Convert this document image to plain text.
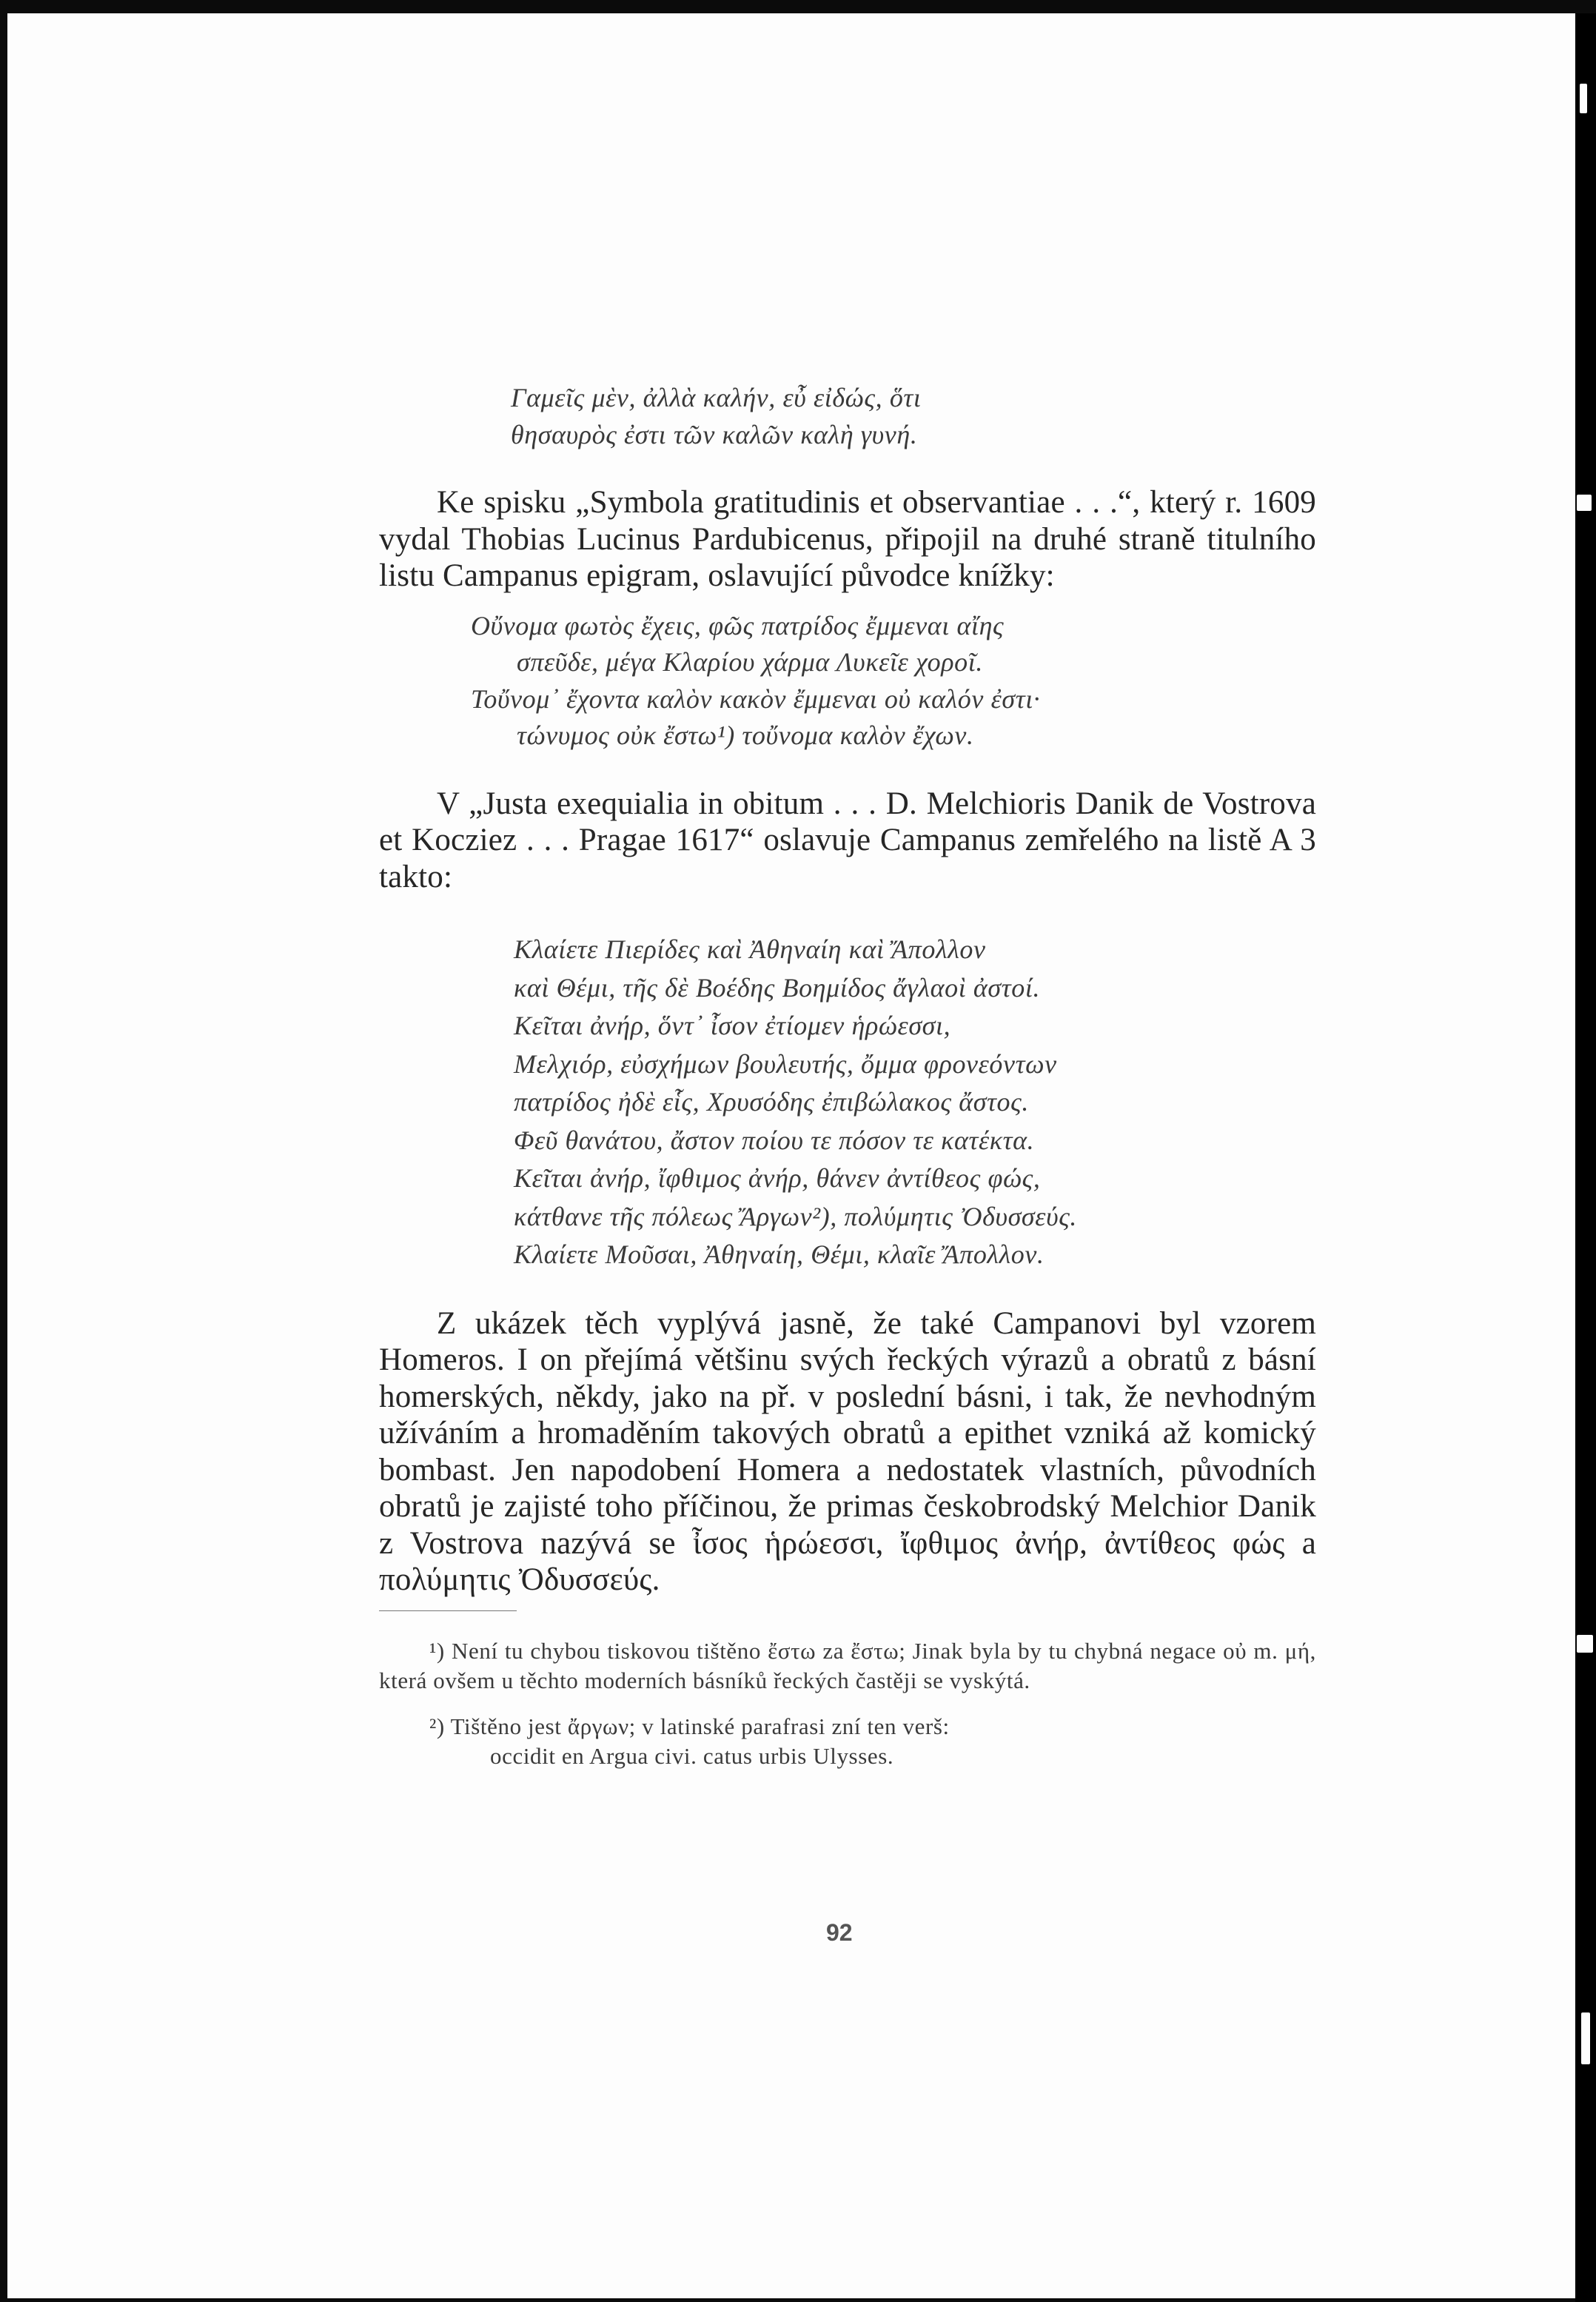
Γαμεῖς μὲν, ἀλλὰ καλήν, εὖ εἰδώς, ὅτι
θησαυρὸς ἐστι τῶν καλῶν καλὴ γυνή.

Ke spisku „Symbola gratitudinis et observantiae . . .“, který r. 1609 vydal Thobias Lucinus Pardubicenus, připojil na druhé straně titulního listu Campanus epigram, oslavující původce knížky:

Οὔνομα φωτὸς ἔχεις, φῶς πατρίδος ἔμμεναι αἴης
σπεῦδε, μέγα Κλαρίου χάρμα Λυκεῖε χοροῖ.
Τοὔνομ᾽ ἔχοντα καλὸν κακὸν ἔμμεναι οὐ καλόν ἐστι·
τώνυμος οὐκ ἔστω¹) τοὔνομα καλὸν ἔχων.

V „Justa exequialia in obitum . . . D. Melchioris Danik de Vostrova et Kocziez . . . Pragae 1617“ oslavuje Campanus zemřelého na listě A 3 takto:

Κλαίετε Πιερίδες καὶ Ἀθηναίη καὶ Ἄπολλον
καὶ Θέμι, τῆς δὲ Βοέδης Βοημίδος ἄγλαοὶ ἀστοί.
Κεῖται ἀνήρ, ὅντ᾽ ἶσον ἐτίομεν ἡρώεσσι,
Μελχιόρ, εὐσχήμων βουλευτής, ὄμμα φρονεόντων
πατρίδος ἠδὲ εἷς, Χρυσόδης ἐπιβώλακος ἄστος.
Φεῦ θανάτου, ἄστον ποίου τε πόσον τε κατέκτα.
Κεῖται ἀνήρ, ἴφθιμος ἀνήρ, θάνεν ἀντίθεος φώς,
κάτθανε τῆς πόλεως Ἄργων²), πολύμητις Ὀδυσσεύς.
Κλαίετε Μοῦσαι, Ἀθηναίη, Θέμι, κλαῖε Ἄπολλον.

Z ukázek těch vyplývá jasně, že také Campanovi byl vzorem Homeros. I on přejímá většinu svých řeckých výrazů a obratů z básní homerských, někdy, jako na př. v poslední básni, i tak, že nevhodným užíváním a hromaděním takových obratů a epithet vzniká až komický bombast. Jen napodobení Homera a nedostatek vlastních, původních obratů je zajisté toho příčinou, že primas českobrodský Melchior Danik z Vostrova nazývá se ἶσος ἡρώεσσι, ἴφθιμος ἀνήρ, ἀντίθεος φώς a πολύμητις Ὀδυσσεύς.

¹) Není tu chybou tiskovou tištěno ἔστω za ἔστω; Jinak byla by tu chybná negace οὐ m. μή, která ovšem u těchto moderních básníků řeckých častěji se vyskýtá.
²) Tištěno jest ἄργων; v latinské parafrasi zní ten verš:
occidit en Argua civi. catus urbis Ulysses.
92
